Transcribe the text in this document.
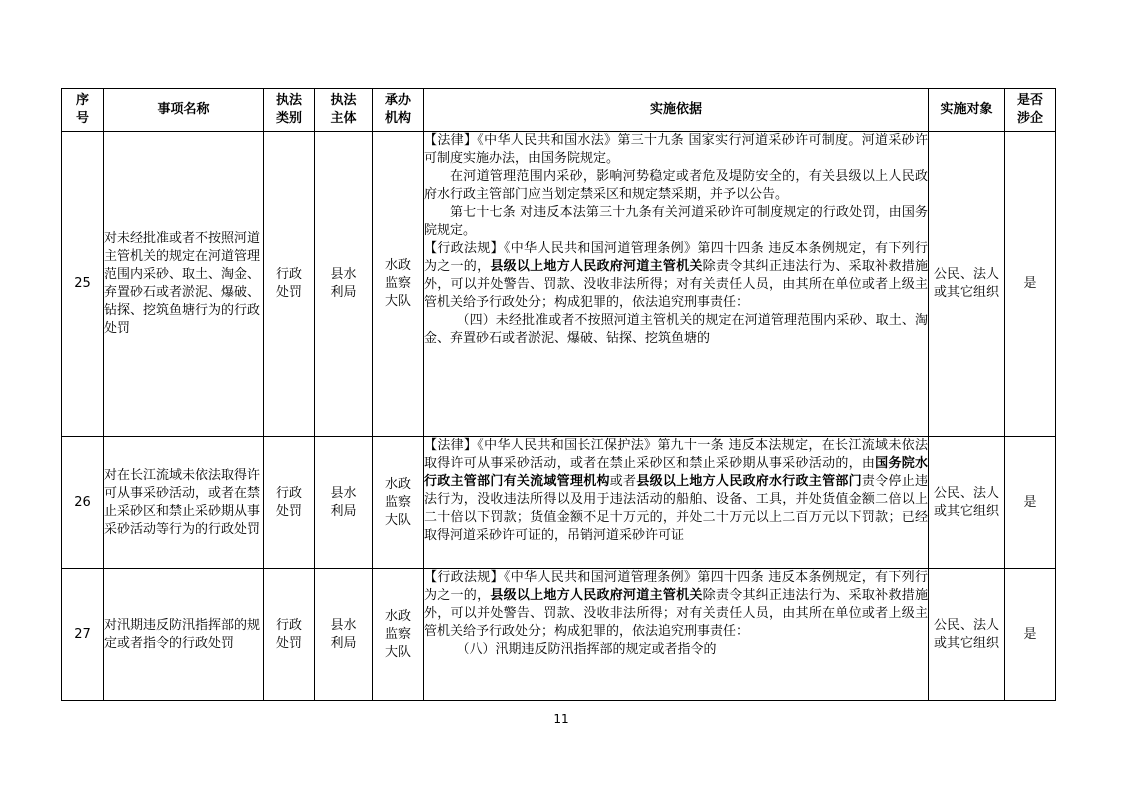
序号	事项名称	执法类别	执法主体	承办机构	实施依据	实施对象	是否涉企
25	对未经批准或者不按照河道主管机关的规定在河道管理范围内采砂、取土、淘金、弃置砂石或者淤泥、爆破、钻探、挖筑鱼塘行为的行政处罚	行政处罚	县水利局	水政监察大队	【法律】《中华人民共和国水法》第三十九条 国家实行河道采砂许可制度。河道采砂许可制度实施办法，由国务院规定。

在河道管理范围内采砂，影响河势稳定或者危及堤防安全的，有关县级以上人民政府水行政主管部门应当划定禁采区和规定禁采期，并予以公告。

第七十七条 对违反本法第三十九条有关河道采砂许可制度规定的行政处罚，由国务院规定。

【行政法规】《中华人民共和国河道管理条例》第四十四条 违反本条例规定，有下列行为之一的，县级以上地方人民政府河道主管机关除责令其纠正违法行为、采取补救措施外，可以并处警告、罚款、没收非法所得；对有关责任人员，由其所在单位或者上级主管机关给予行政处分；构成犯罪的，依法追究刑事责任：

（四）未经批准或者不按照河道主管机关的规定在河道管理范围内采砂、取土、淘金、弃置砂石或者淤泥、爆破、钻探、挖筑鱼塘的	公民、法人或其它组织	是
26	对在长江流域未依法取得许可从事采砂活动，或者在禁止采砂区和禁止采砂期从事采砂活动等行为的行政处罚	行政处罚	县水利局	水政监察大队	【法律】《中华人民共和国长江保护法》第九十一条 违反本法规定，在长江流域未依法取得许可从事采砂活动，或者在禁止采砂区和禁止采砂期从事采砂活动的，由国务院水行政主管部门有关流域管理机构或者县级以上地方人民政府水行政主管部门责令停止违法行为，没收违法所得以及用于违法活动的船舶、设备、工具，并处货值金额二倍以上二十倍以下罚款；货值金额不足十万元的，并处二十万元以上二百万元以下罚款；已经取得河道采砂许可证的，吊销河道采砂许可证	公民、法人或其它组织	是
27	对汛期违反防汛指挥部的规定或者指令的行政处罚	行政处罚	县水利局	水政监察大队	【行政法规】《中华人民共和国河道管理条例》第四十四条 违反本条例规定，有下列行为之一的，县级以上地方人民政府河道主管机关除责令其纠正违法行为、采取补救措施外，可以并处警告、罚款、没收非法所得；对有关责任人员，由其所在单位或者上级主管机关给予行政处分；构成犯罪的，依法追究刑事责任：

（八）汛期违反防汛指挥部的规定或者指令的	公民、法人或其它组织	是
11
